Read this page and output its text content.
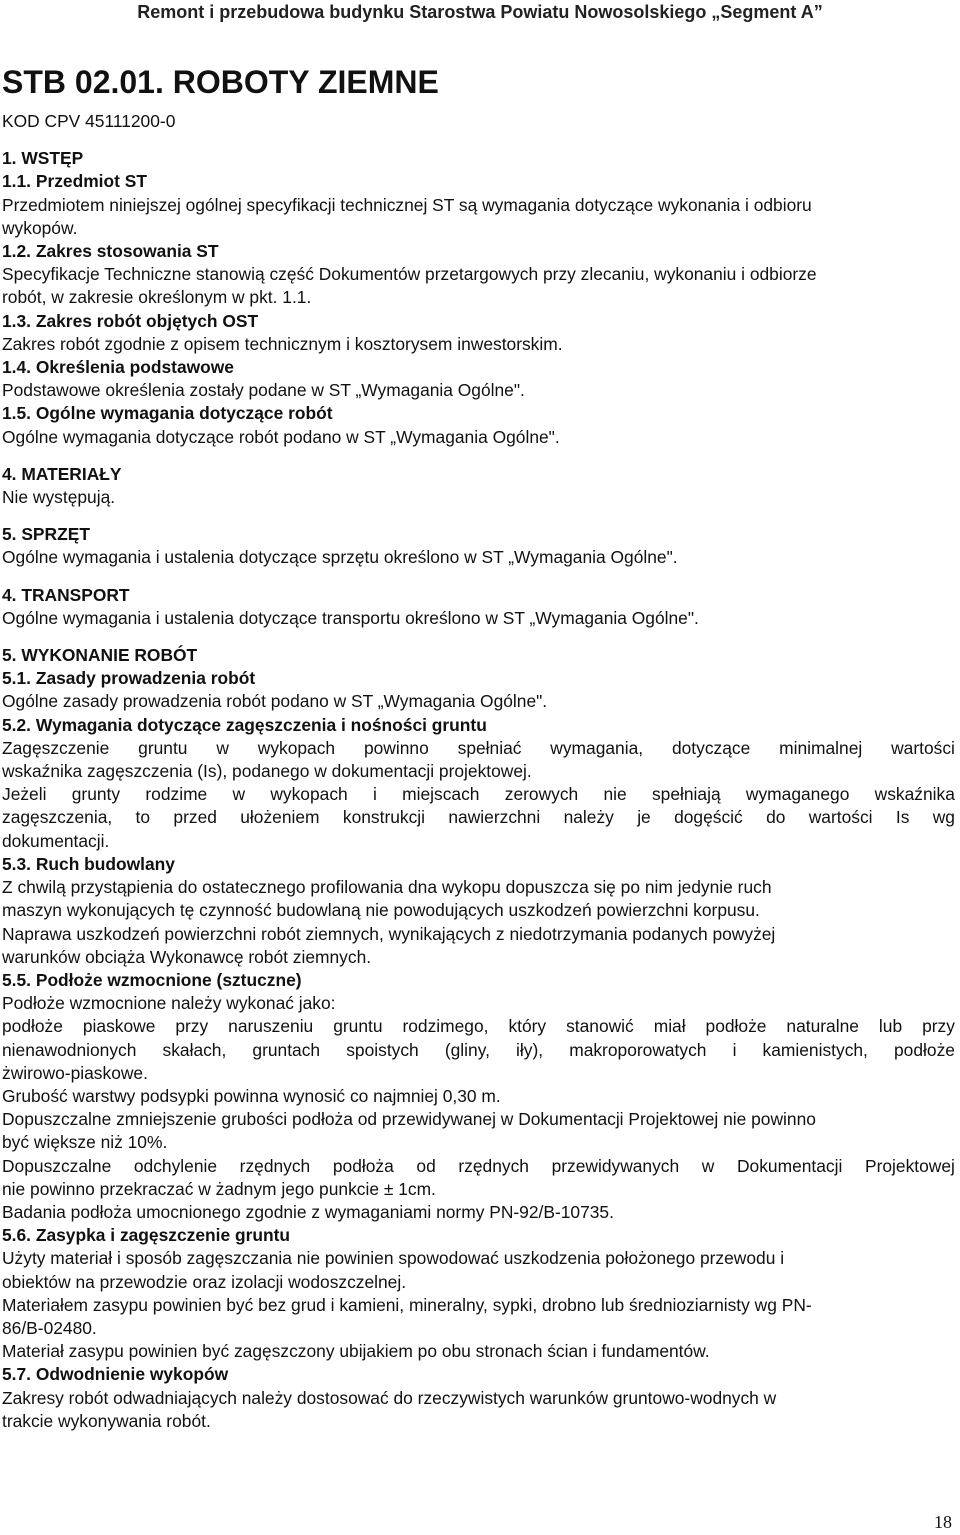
Remont i przebudowa budynku Starostwa Powiatu Nowosolskiego „Segment A”
STB 02.01. ROBOTY ZIEMNE
KOD CPV 45111200-0
1. WSTĘP
1.1. Przedmiot ST
Przedmiotem niniejszej ogólnej specyfikacji technicznej ST są wymagania dotyczące wykonania i odbioru
wykopów.
1.2. Zakres stosowania ST
Specyfikacje Techniczne stanowią część Dokumentów przetargowych przy zlecaniu, wykonaniu i odbiorze
robót, w zakresie określonym w pkt. 1.1.
1.3. Zakres robót objętych OST
Zakres robót zgodnie z opisem technicznym i kosztorysem inwestorskim.
1.4. Określenia podstawowe
Podstawowe określenia zostały podane w ST „Wymagania Ogólne".
1.5. Ogólne wymagania dotyczące robót
Ogólne wymagania dotyczące robót podano w ST „Wymagania Ogólne".
4. MATERIAŁY
Nie występują.
5. SPRZĘT
Ogólne wymagania i ustalenia dotyczące sprzętu określono w ST „Wymagania Ogólne".
4. TRANSPORT
Ogólne wymagania i ustalenia dotyczące transportu określono w ST „Wymagania Ogólne".
5. WYKONANIE ROBÓT
5.1. Zasady prowadzenia robót
Ogólne zasady prowadzenia robót podano w ST „Wymagania Ogólne".
5.2. Wymagania dotyczące zagęszczenia i nośności gruntu
Zagęszczenie gruntu w wykopach powinno spełniać wymagania, dotyczące minimalnej wartości
wskaźnika zagęszczenia (Is), podanego w dokumentacji projektowej.
Jeżeli grunty rodzime w wykopach i miejscach zerowych nie spełniają wymaganego wskaźnika
zagęszczenia, to przed ułożeniem konstrukcji nawierzchni należy je dogęścić do wartości Is wg
dokumentacji.
5.3. Ruch budowlany
Z chwilą przystąpienia do ostatecznego profilowania dna wykopu dopuszcza się po nim jedynie ruch
maszyn wykonujących tę czynność budowlaną nie powodujących uszkodzeń powierzchni korpusu.
Naprawa uszkodzeń powierzchni robót ziemnych, wynikających z niedotrzymania podanych powyżej
warunków obciąża Wykonawcę robót ziemnych.
5.5. Podłoże wzmocnione (sztuczne)
Podłoże wzmocnione należy wykonać jako:
podłoże piaskowe przy naruszeniu gruntu rodzimego, który stanowić miał podłoże naturalne lub przy
nienawodnionych skałach, gruntach spoistych (gliny, iły), makroporowatych i kamienistych, podłoże
żwirowo-piaskowe.
Grubość warstwy podsypki powinna wynosić co najmniej 0,30 m.
Dopuszczalne zmniejszenie grubości podłoża od przewidywanej w Dokumentacji Projektowej nie powinno
być większe niż 10%.
Dopuszczalne odchylenie rzędnych podłoża od rzędnych przewidywanych w Dokumentacji Projektowej
nie powinno przekraczać w żadnym jego punkcie ± 1cm.
Badania podłoża umocnionego zgodnie z wymaganiami normy PN-92/B-10735.
5.6. Zasypka i zagęszczenie gruntu
Użyty materiał i sposób zagęszczania nie powinien spowodować uszkodzenia położonego przewodu i
obiektów na przewodzie oraz izolacji wodoszczelnej.
Materiałem zasypu powinien być bez grud i kamieni, mineralny, sypki, drobno lub średnioziarnisty wg PN-
86/B-02480.
Materiał zasypu powinien być zagęszczony ubijakiem po obu stronach ścian i fundamentów.
5.7. Odwodnienie wykopów
Zakresy robót odwadniających należy dostosować do rzeczywistych warunków gruntowo-wodnych w
trakcie wykonywania robót.
18
